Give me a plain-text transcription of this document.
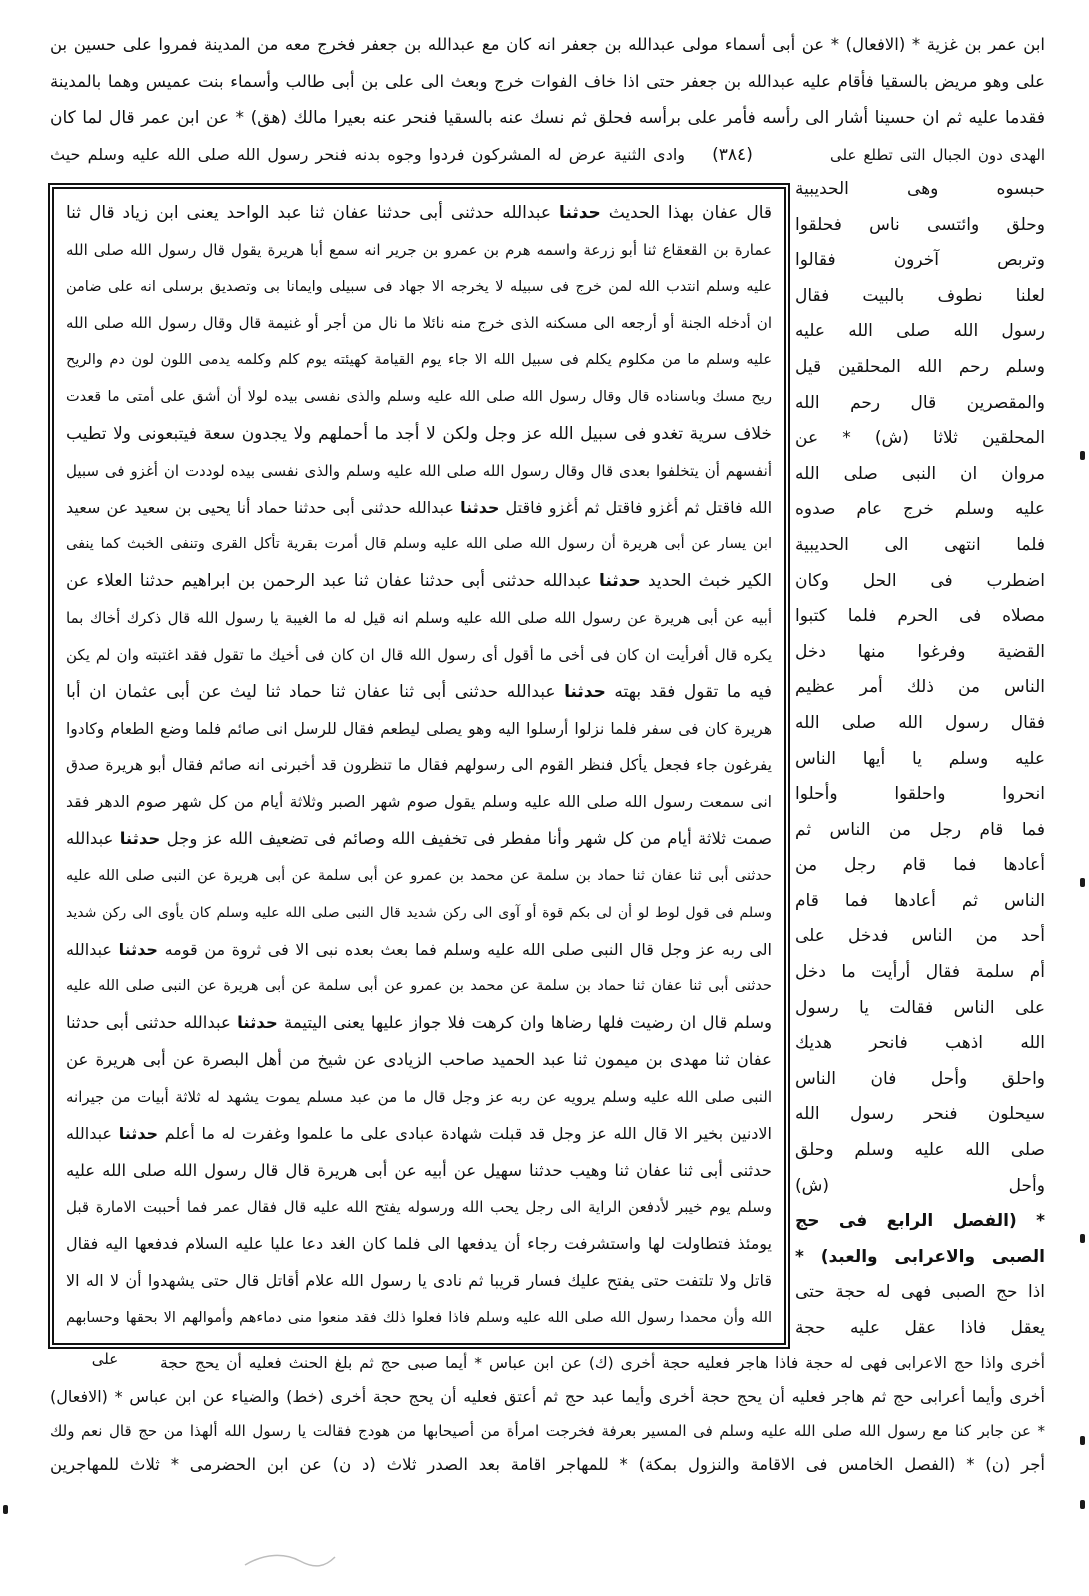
ابن عمر بن غزية * (الافعال) * عن أبى أسماء مولى عبدالله بن جعفر انه كان مع عبدالله بن جعفر فخرج معه من المدينة فمروا على حسين بن
على وهو مريض بالسقيا فأقام عليه عبدالله بن جعفر حتى اذا خاف الفوات خرج وبعث الى على بن أبى طالب وأسماء بنت عميس وهما بالمدينة
فقدما عليه ثم ان حسينا أشار الى رأسه فأمر على برأسه فحلق ثم نسك عنه بالسقيا فنحر عنه بعيرا مالك (هق) * عن ابن عمر قال لما كان
الهدى دون الجبال التى تطلع على
(٣٨٤)
وادى الثنية عرض له المشركون فردوا وجوه بدنه فنحر رسول الله صلى الله عليه وسلم حيث
قال عفان بهذا الحديث حدثنا عبدالله حدثنى أبى حدثنا عفان ثنا عبد الواحد يعنى ابن زياد قال ثنا
عمارة بن القعقاع ثنا أبو زرعة واسمه هرم بن عمرو بن جرير انه سمع أبا هريرة يقول قال رسول الله صلى الله
عليه وسلم انتدب الله لمن خرج فى سبيله لا يخرجه الا جهاد فى سبيلى وايمانا بى وتصديق برسلى انه على ضامن
ان أدخله الجنة أو أرجعه الى مسكنه الذى خرج منه نائلا ما نال من أجر أو غنيمة قال وقال رسول الله صلى الله
عليه وسلم ما من مكلوم يكلم فى سبيل الله الا جاء يوم القيامة كهيئته يوم كلم وكلمه يدمى اللون لون دم والريح
ريح مسك وباسناده قال وقال رسول الله صلى الله عليه وسلم والذى نفسى بيده لولا أن أشق على أمتى ما قعدت
خلاف سرية تغدو فى سبيل الله عز وجل ولكن لا أجد ما أحملهم ولا يجدون سعة فيتبعونى ولا تطيب
أنفسهم أن يتخلفوا بعدى قال وقال رسول الله صلى الله عليه وسلم والذى نفسى بيده لوددت ان أغزو فى سبيل
الله فاقتل ثم أغزو فاقتل ثم أغزو فاقتل حدثنا عبدالله حدثنى أبى حدثنا حماد أنا يحيى بن سعيد عن سعيد
ابن يسار عن أبى هريرة أن رسول الله صلى الله عليه وسلم قال أمرت بقرية تأكل القرى وتنفى الخبث كما ينفى
الكير خبث الحديد حدثنا عبدالله حدثنى أبى حدثنا عفان ثنا عبد الرحمن بن ابراهيم حدثنا العلاء عن
أبيه عن أبى هريرة عن رسول الله صلى الله عليه وسلم انه قيل له ما الغيبة يا رسول الله قال ذكرك أخاك بما
يكره قال أفرأيت ان كان فى أخى ما أقول أى رسول الله قال ان كان فى أخيك ما تقول فقد اغتبته وان لم يكن
فيه ما تقول فقد بهته حدثنا عبدالله حدثنى أبى ثنا عفان ثنا حماد ثنا ليث عن أبى عثمان ان أبا
هريرة كان فى سفر فلما نزلوا أرسلوا اليه وهو يصلى ليطعم فقال للرسل انى صائم فلما وضع الطعام وكادوا
يفرغون جاء فجعل يأكل فنظر القوم الى رسولهم فقال ما تنظرون قد أخبرنى انه صائم فقال أبو هريرة صدق
انى سمعت رسول الله صلى الله عليه وسلم يقول صوم شهر الصبر وثلاثة أيام من كل شهر صوم الدهر فقد
صمت ثلاثة أيام من كل شهر وأنا مفطر فى تخفيف الله وصائم فى تضعيف الله عز وجل حدثنا عبدالله
حدثنى أبى ثنا عفان ثنا حماد بن سلمة عن محمد بن عمرو عن أبى سلمة عن أبى هريرة عن النبى صلى الله عليه
وسلم فى قول لوط لو أن لى بكم قوة أو آوى الى ركن شديد قال النبى صلى الله عليه وسلم كان يأوى الى ركن شديد
الى ربه عز وجل قال النبى صلى الله عليه وسلم فما بعث بعده نبى الا فى ثروة من قومه حدثنا عبدالله
حدثنى أبى ثنا عفان ثنا حماد بن سلمة عن محمد بن عمرو عن أبى سلمة عن أبى هريرة عن النبى صلى الله عليه
وسلم قال ان رضيت فلها رضاها وان كرهت فلا جواز عليها يعنى اليتيمة حدثنا عبدالله حدثنى أبى حدثنا
عفان ثنا مهدى بن ميمون ثنا عبد الحميد صاحب الزيادى عن شيخ من أهل البصرة عن أبى هريرة عن
النبى صلى الله عليه وسلم يرويه عن ربه عز وجل قال ما من عبد مسلم يموت يشهد له ثلاثة أبيات من جيرانه
الادنين بخير الا قال الله عز وجل قد قبلت شهادة عبادى على ما علموا وغفرت له ما أعلم حدثنا عبدالله
حدثنى أبى ثنا عفان ثنا وهيب حدثنا سهيل عن أبيه عن أبى هريرة قال قال رسول الله صلى الله عليه
وسلم يوم خيبر لأدفعن الراية الى رجل يحب الله ورسوله يفتح الله عليه قال فقال عمر فما أحببت الامارة قبل
يومئذ فتطاولت لها واستشرفت رجاء أن يدفعها الى فلما كان الغد دعا عليا عليه السلام فدفعها اليه فقال
قاتل ولا تلتفت حتى يفتح عليك فسار قريبا ثم نادى يا رسول الله علام أقاتل قال حتى يشهدوا أن لا اله الا
الله وأن محمدا رسول الله صلى الله عليه وسلم فاذا فعلوا ذلك فقد منعوا منى دماءهم وأموالهم الا بحقها وحسابهم
حبسوه وهى الحديبية
وحلق وائتسى ناس فحلقوا
وتربص آخرون فقالوا
لعلنا نطوف بالبيت فقال
رسول الله صلى الله عليه
وسلم رحم الله المحلقين قيل
والمقصرين قال رحم الله
المحلقين ثلاثا (ش) * عن
مروان ان النبى صلى الله
عليه وسلم خرج عام صدوه
فلما انتهى الى الحديبية
اضطرب فى الحل وكان
مصلاه فى الحرم فلما كتبوا
القضية وفرغوا منها دخل
الناس من ذلك أمر عظيم
فقال رسول الله صلى الله
عليه وسلم يا أيها الناس
انحروا واحلقوا وأحلوا
فما قام رجل من الناس ثم
أعادها فما قام رجل من
الناس ثم أعادها فما قام
أحد من الناس فدخل على
أم سلمة فقال أرأيت ما دخل
على الناس فقالت يا رسول
الله اذهب فانحر هديك
واحلق وأحل فان الناس
سيحلون فنحر رسول الله
صلى الله عليه وسلم وحلق
وأحل (ش)
* (الفصل الرابع فى حج
الصبى والاعرابى والعبد) *
اذا حج الصبى فهى له حجة حتى
يعقل فاذا عقل عليه حجة
أخرى واذا حج الاعرابى فهى له حجة فاذا هاجر فعليه حجة أخرى (ك) عن ابن عباس * أيما صبى حج ثم بلغ الحنث فعليه أن يحج حجة
على
أخرى وأيما أعرابى حج ثم هاجر فعليه أن يحج حجة أخرى وأيما عبد حج ثم أعتق فعليه أن يحج حجة أخرى (خط) والضياء عن ابن عباس * (الافعال)
* عن جابر كنا مع رسول الله صلى الله عليه وسلم فى المسير بعرفة فخرجت امرأة من أصيحابها من هودج فقالت يا رسول الله ألهذا من حج قال نعم ولك
أجر (ن) * (الفصل الخامس فى الاقامة والنزول بمكة) * للمهاجر اقامة بعد الصدر ثلاث (د ن) عن ابن الحضرمى * ثلاث للمهاجرين
